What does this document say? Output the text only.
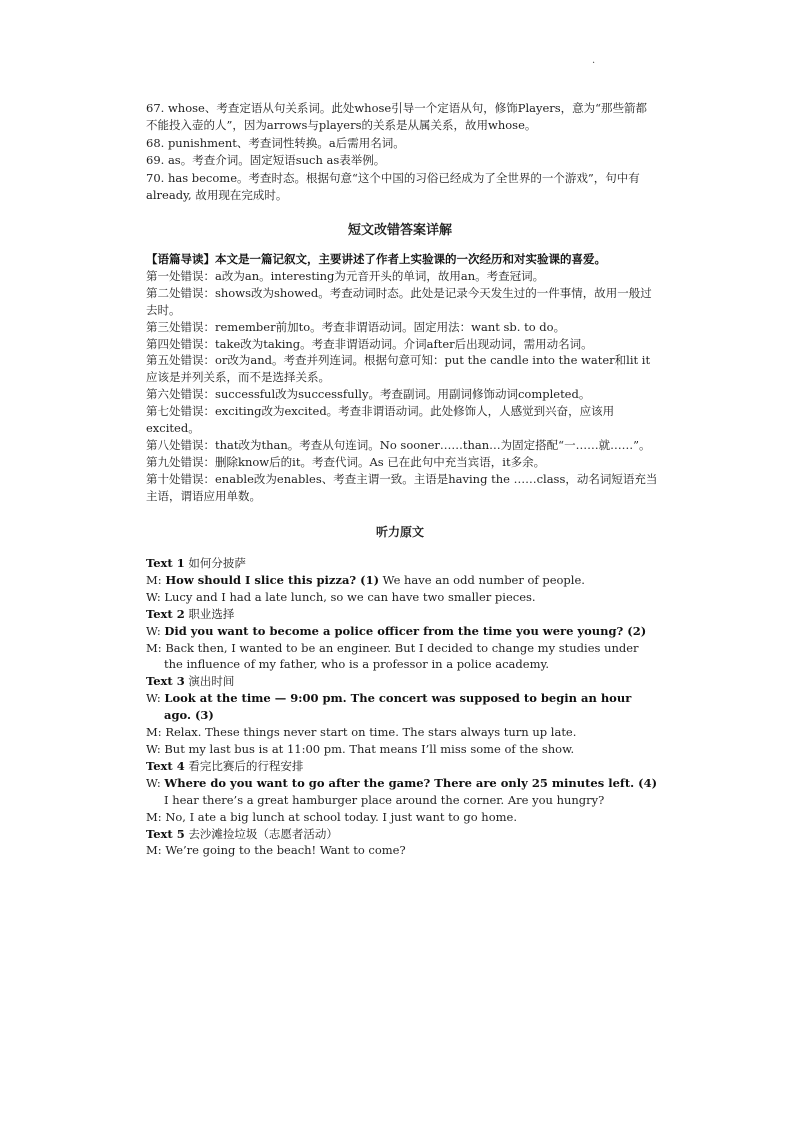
·

67. whose、考查定语从句关系词。此处whose引导一个定语从句，修饰Players，意为“那些箭都不能投入壶的人”，因为arrows与players的关系是从属关系，故用whose。

68. punishment、考查词性转换。a后需用名词。

69. as。考查介词。固定短语such as表举例。

70. has become。考查时态。根据句意“这个中国的习俗已经成为了全世界的一个游戏”，句中有already, 故用现在完成时。

短文改错答案详解

【语篇导读】本文是一篇记叙文，主要讲述了作者上实验课的一次经历和对实验课的喜爱。

第一处错误：a改为an。interesting为元音开头的单词，故用an。考查冠词。

第二处错误：shows改为showed。考查动词时态。此处是记录今天发生过的一件事情，故用一般过去时。

第三处错误：remember前加to。考查非谓语动词。固定用法：want sb. to do。

第四处错误：take改为taking。考查非谓语动词。介词after后出现动词，需用动名词。

第五处错误：or改为and。考查并列连词。根据句意可知：put the candle into the water和lit it应该是并列关系，而不是选择关系。

第六处错误：successful改为successfully。考查副词。用副词修饰动词completed。

第七处错误：exciting改为excited。考查非谓语动词。此处修饰人，人感觉到兴奋，应该用excited。

第八处错误：that改为than。考查从句连词。No sooner……than…为固定搭配“一……就……”。

第九处错误：删除know后的it。考查代词。As 已在此句中充当宾语，it多余。

第十处错误：enable改为enables、考查主谓一致。主语是having the ……class，动名词短语充当主语，谓语应用单数。

听力原文

Text 1 如何分披萨

M: How should I slice this pizza? (1) We have an odd number of people.

W: Lucy and I had a late lunch, so we can have two smaller pieces.

Text 2 职业选择

W: Did you want to become a police officer from the time you were young? (2)

M: Back then, I wanted to be an engineer. But I decided to change my studies under the influence of my father, who is a professor in a police academy.

Text 3 演出时间

W: Look at the time — 9:00 pm. The concert was supposed to begin an hour ago. (3)

M: Relax. These things never start on time. The stars always turn up late.

W: But my last bus is at 11:00 pm. That means I’ll miss some of the show.

Text 4 看完比赛后的行程安排

W: Where do you want to go after the game? There are only 25 minutes left. (4) I hear there’s a great hamburger place around the corner. Are you hungry?

M: No, I ate a big lunch at school today. I just want to go home.

Text 5 去沙滩捡垃圾（志愿者活动）

M: We’re going to the beach! Want to come?
